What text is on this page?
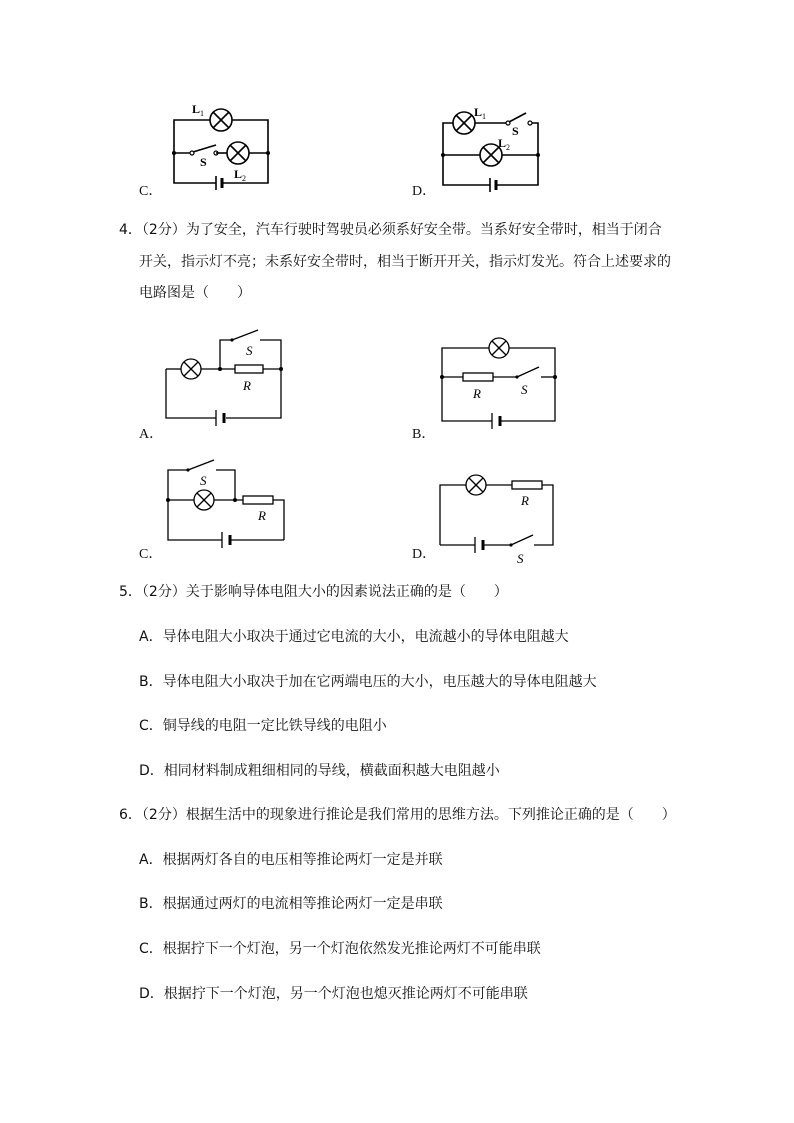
C．
L 1
S
L 2
D．
L 1
S
L 2
4．（2分）为了安全，汽车行驶时驾驶员必须系好安全带。当系好安全带时，相当于闭合
开关，指示灯不亮；未系好安全带时，相当于断开开关，指示灯发光。符合上述要求的
电路图是（　　）
A．
S
R
B．
R	S
C．
S
R
D．
R
S
5．（2分）关于影响导体电阻大小的因素说法正确的是（　　）
A．导体电阻大小取决于通过它电流的大小，电流越小的导体电阻越大
B．导体电阻大小取决于加在它两端电压的大小，电压越大的导体电阻越大
C．铜导线的电阻一定比铁导线的电阻小
D．相同材料制成粗细相同的导线，横截面积越大电阻越小
6．（2分）根据生活中的现象进行推论是我们常用的思维方法。下列推论正确的是（　　）
A．根据两灯各自的电压相等推论两灯一定是并联
B．根据通过两灯的电流相等推论两灯一定是串联
C．根据拧下一个灯泡，另一个灯泡依然发光推论两灯不可能串联
D．根据拧下一个灯泡，另一个灯泡也熄灭推论两灯不可能串联
